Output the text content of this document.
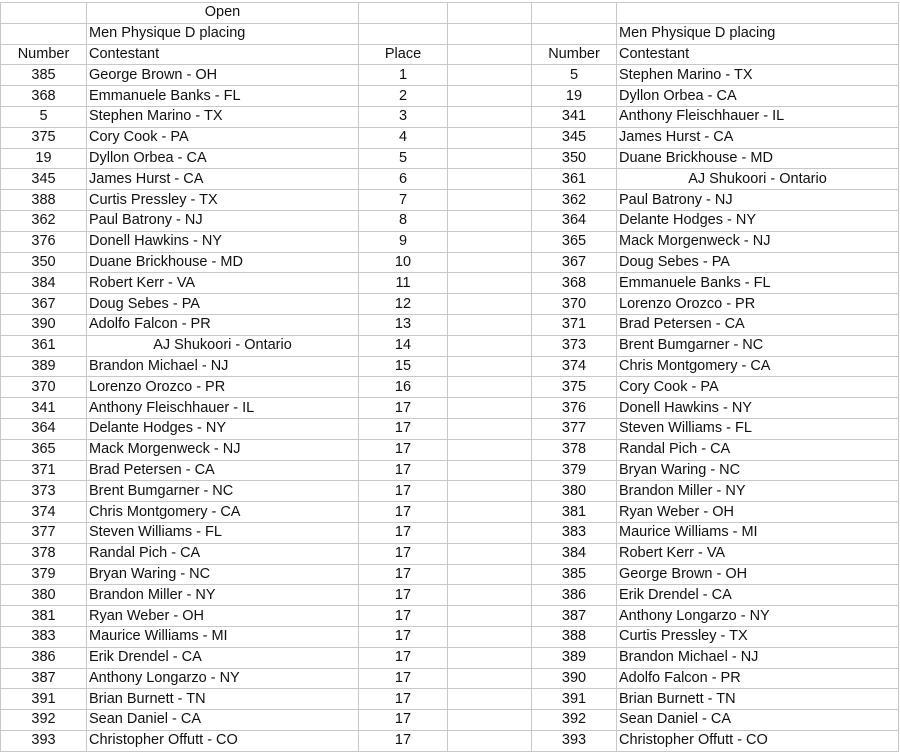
	Open				
	Men Physique D placing				Men Physique D placing
Number	Contestant	Place		Number	Contestant
385	George Brown - OH	1		5	Stephen Marino - TX
368	Emmanuele Banks - FL	2		19	Dyllon Orbea - CA
5	Stephen Marino - TX	3		341	Anthony Fleischhauer - IL
375	Cory Cook - PA	4		345	James Hurst - CA
19	Dyllon Orbea - CA	5		350	Duane Brickhouse - MD
345	James Hurst - CA	6		361	AJ Shukoori - Ontario
388	Curtis Pressley - TX	7		362	Paul Batrony - NJ
362	Paul Batrony - NJ	8		364	Delante Hodges - NY
376	Donell Hawkins - NY	9		365	Mack Morgenweck - NJ
350	Duane Brickhouse - MD	10		367	Doug Sebes - PA
384	Robert Kerr - VA	11		368	Emmanuele Banks - FL
367	Doug Sebes - PA	12		370	Lorenzo Orozco - PR
390	Adolfo Falcon - PR	13		371	Brad Petersen - CA
361	AJ Shukoori - Ontario	14		373	Brent Bumgarner - NC
389	Brandon Michael - NJ	15		374	Chris Montgomery - CA
370	Lorenzo Orozco - PR	16		375	Cory Cook - PA
341	Anthony Fleischhauer - IL	17		376	Donell Hawkins - NY
364	Delante Hodges - NY	17		377	Steven Williams - FL
365	Mack Morgenweck - NJ	17		378	Randal Pich - CA
371	Brad Petersen - CA	17		379	Bryan Waring - NC
373	Brent Bumgarner - NC	17		380	Brandon Miller - NY
374	Chris Montgomery - CA	17		381	Ryan Weber - OH
377	Steven Williams - FL	17		383	Maurice Williams - MI
378	Randal Pich - CA	17		384	Robert Kerr - VA
379	Bryan Waring - NC	17		385	George Brown - OH
380	Brandon Miller - NY	17		386	Erik Drendel - CA
381	Ryan Weber - OH	17		387	Anthony Longarzo - NY
383	Maurice Williams - MI	17		388	Curtis Pressley - TX
386	Erik Drendel - CA	17		389	Brandon Michael - NJ
387	Anthony Longarzo - NY	17		390	Adolfo Falcon - PR
391	Brian Burnett - TN	17		391	Brian Burnett - TN
392	Sean Daniel - CA	17		392	Sean Daniel - CA
393	Christopher Offutt - CO	17		393	Christopher Offutt - CO
